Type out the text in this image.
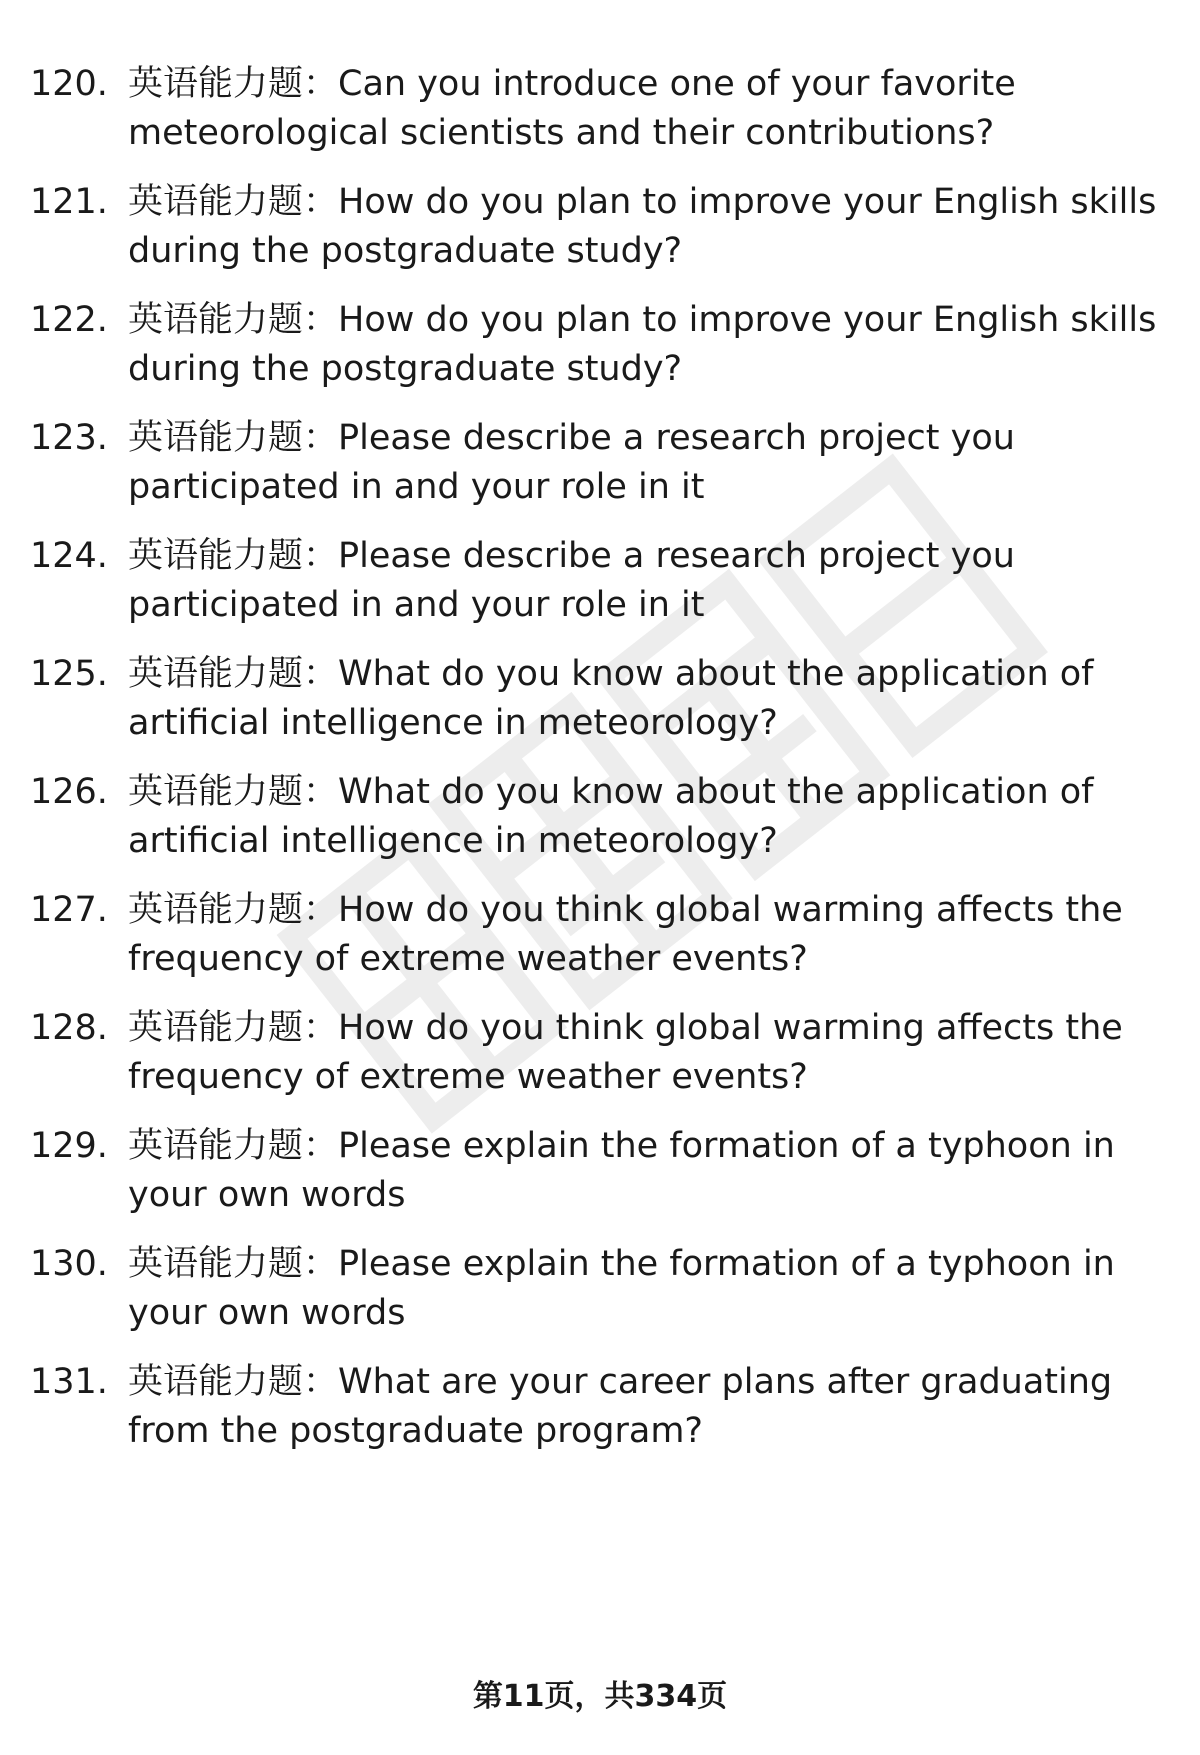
120. 英语能力题：Can you introduce one of your favorite meteorological scientists and their contributions?
121. 英语能力题：How do you plan to improve your English skills during the postgraduate study?
122. 英语能力题：How do you plan to improve your English skills during the postgraduate study?
123. 英语能力题：Please describe a research project you participated in and your role in it
124. 英语能力题：Please describe a research project you participated in and your role in it
125. 英语能力题：What do you know about the application of artificial intelligence in meteorology?
126. 英语能力题：What do you know about the application of artificial intelligence in meteorology?
127. 英语能力题：How do you think global warming affects the frequency of extreme weather events?
128. 英语能力题：How do you think global warming affects the frequency of extreme weather events?
129. 英语能力题：Please explain the formation of a typhoon in your own words
130. 英语能力题：Please explain the formation of a typhoon in your own words
131. 英语能力题：What are your career plans after graduating from the postgraduate program?
第11页，共334页
